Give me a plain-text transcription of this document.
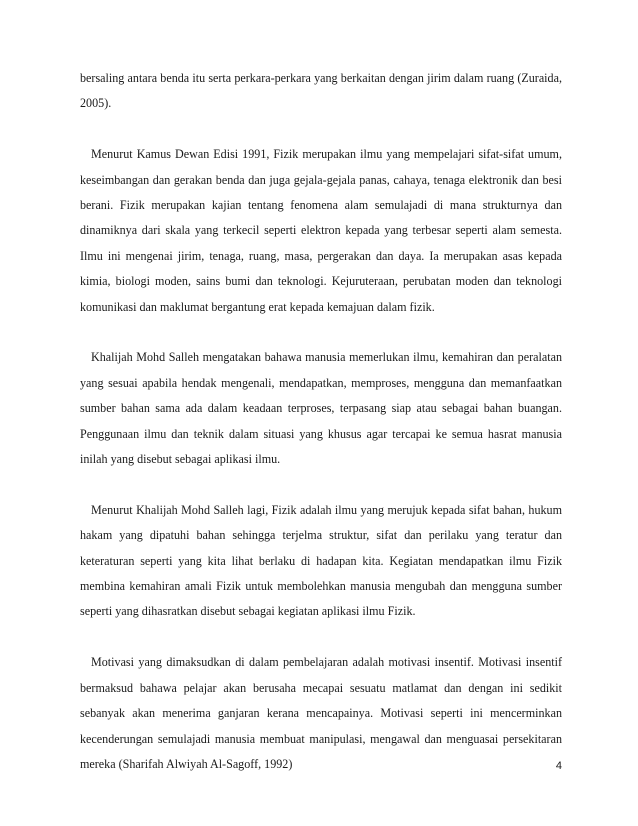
bersaling antara benda itu serta perkara-perkara yang berkaitan dengan jirim dalam ruang (Zuraida, 2005).

Menurut Kamus Dewan Edisi 1991, Fizik merupakan ilmu yang mempelajari sifat-sifat umum, keseimbangan dan gerakan benda dan juga gejala-gejala panas, cahaya, tenaga elektronik dan besi berani. Fizik merupakan kajian tentang fenomena alam semulajadi di mana strukturnya dan dinamiknya dari skala yang terkecil seperti elektron kepada yang terbesar seperti alam semesta. Ilmu ini mengenai jirim, tenaga, ruang, masa, pergerakan dan daya. Ia merupakan asas kepada kimia, biologi moden, sains bumi dan teknologi. Kejuruteraan, perubatan moden dan teknologi komunikasi dan maklumat bergantung erat kepada kemajuan dalam fizik.

Khalijah Mohd Salleh mengatakan bahawa manusia memerlukan ilmu, kemahiran dan peralatan yang sesuai apabila hendak mengenali, mendapatkan, memproses, mengguna dan memanfaatkan sumber bahan sama ada dalam keadaan terproses, terpasang siap atau sebagai bahan buangan. Penggunaan ilmu dan teknik dalam situasi yang khusus agar tercapai ke semua hasrat manusia inilah yang disebut sebagai aplikasi ilmu.

Menurut Khalijah Mohd Salleh lagi, Fizik adalah ilmu yang merujuk kepada sifat bahan, hukum hakam yang dipatuhi bahan sehingga terjelma struktur, sifat dan perilaku yang teratur dan keteraturan seperti yang kita lihat berlaku di hadapan kita. Kegiatan mendapatkan ilmu Fizik membina kemahiran amali Fizik untuk membolehkan manusia mengubah dan mengguna sumber seperti yang dihasratkan disebut sebagai kegiatan aplikasi ilmu Fizik.

Motivasi yang dimaksudkan di dalam pembelajaran adalah motivasi insentif. Motivasi insentif bermaksud bahawa pelajar akan berusaha mecapai sesuatu matlamat dan dengan ini sedikit sebanyak akan menerima ganjaran kerana mencapainya. Motivasi seperti ini mencerminkan kecenderungan semulajadi manusia membuat manipulasi, mengawal dan menguasai persekitaran mereka (Sharifah Alwiyah Al-Sagoff, 1992)	4
